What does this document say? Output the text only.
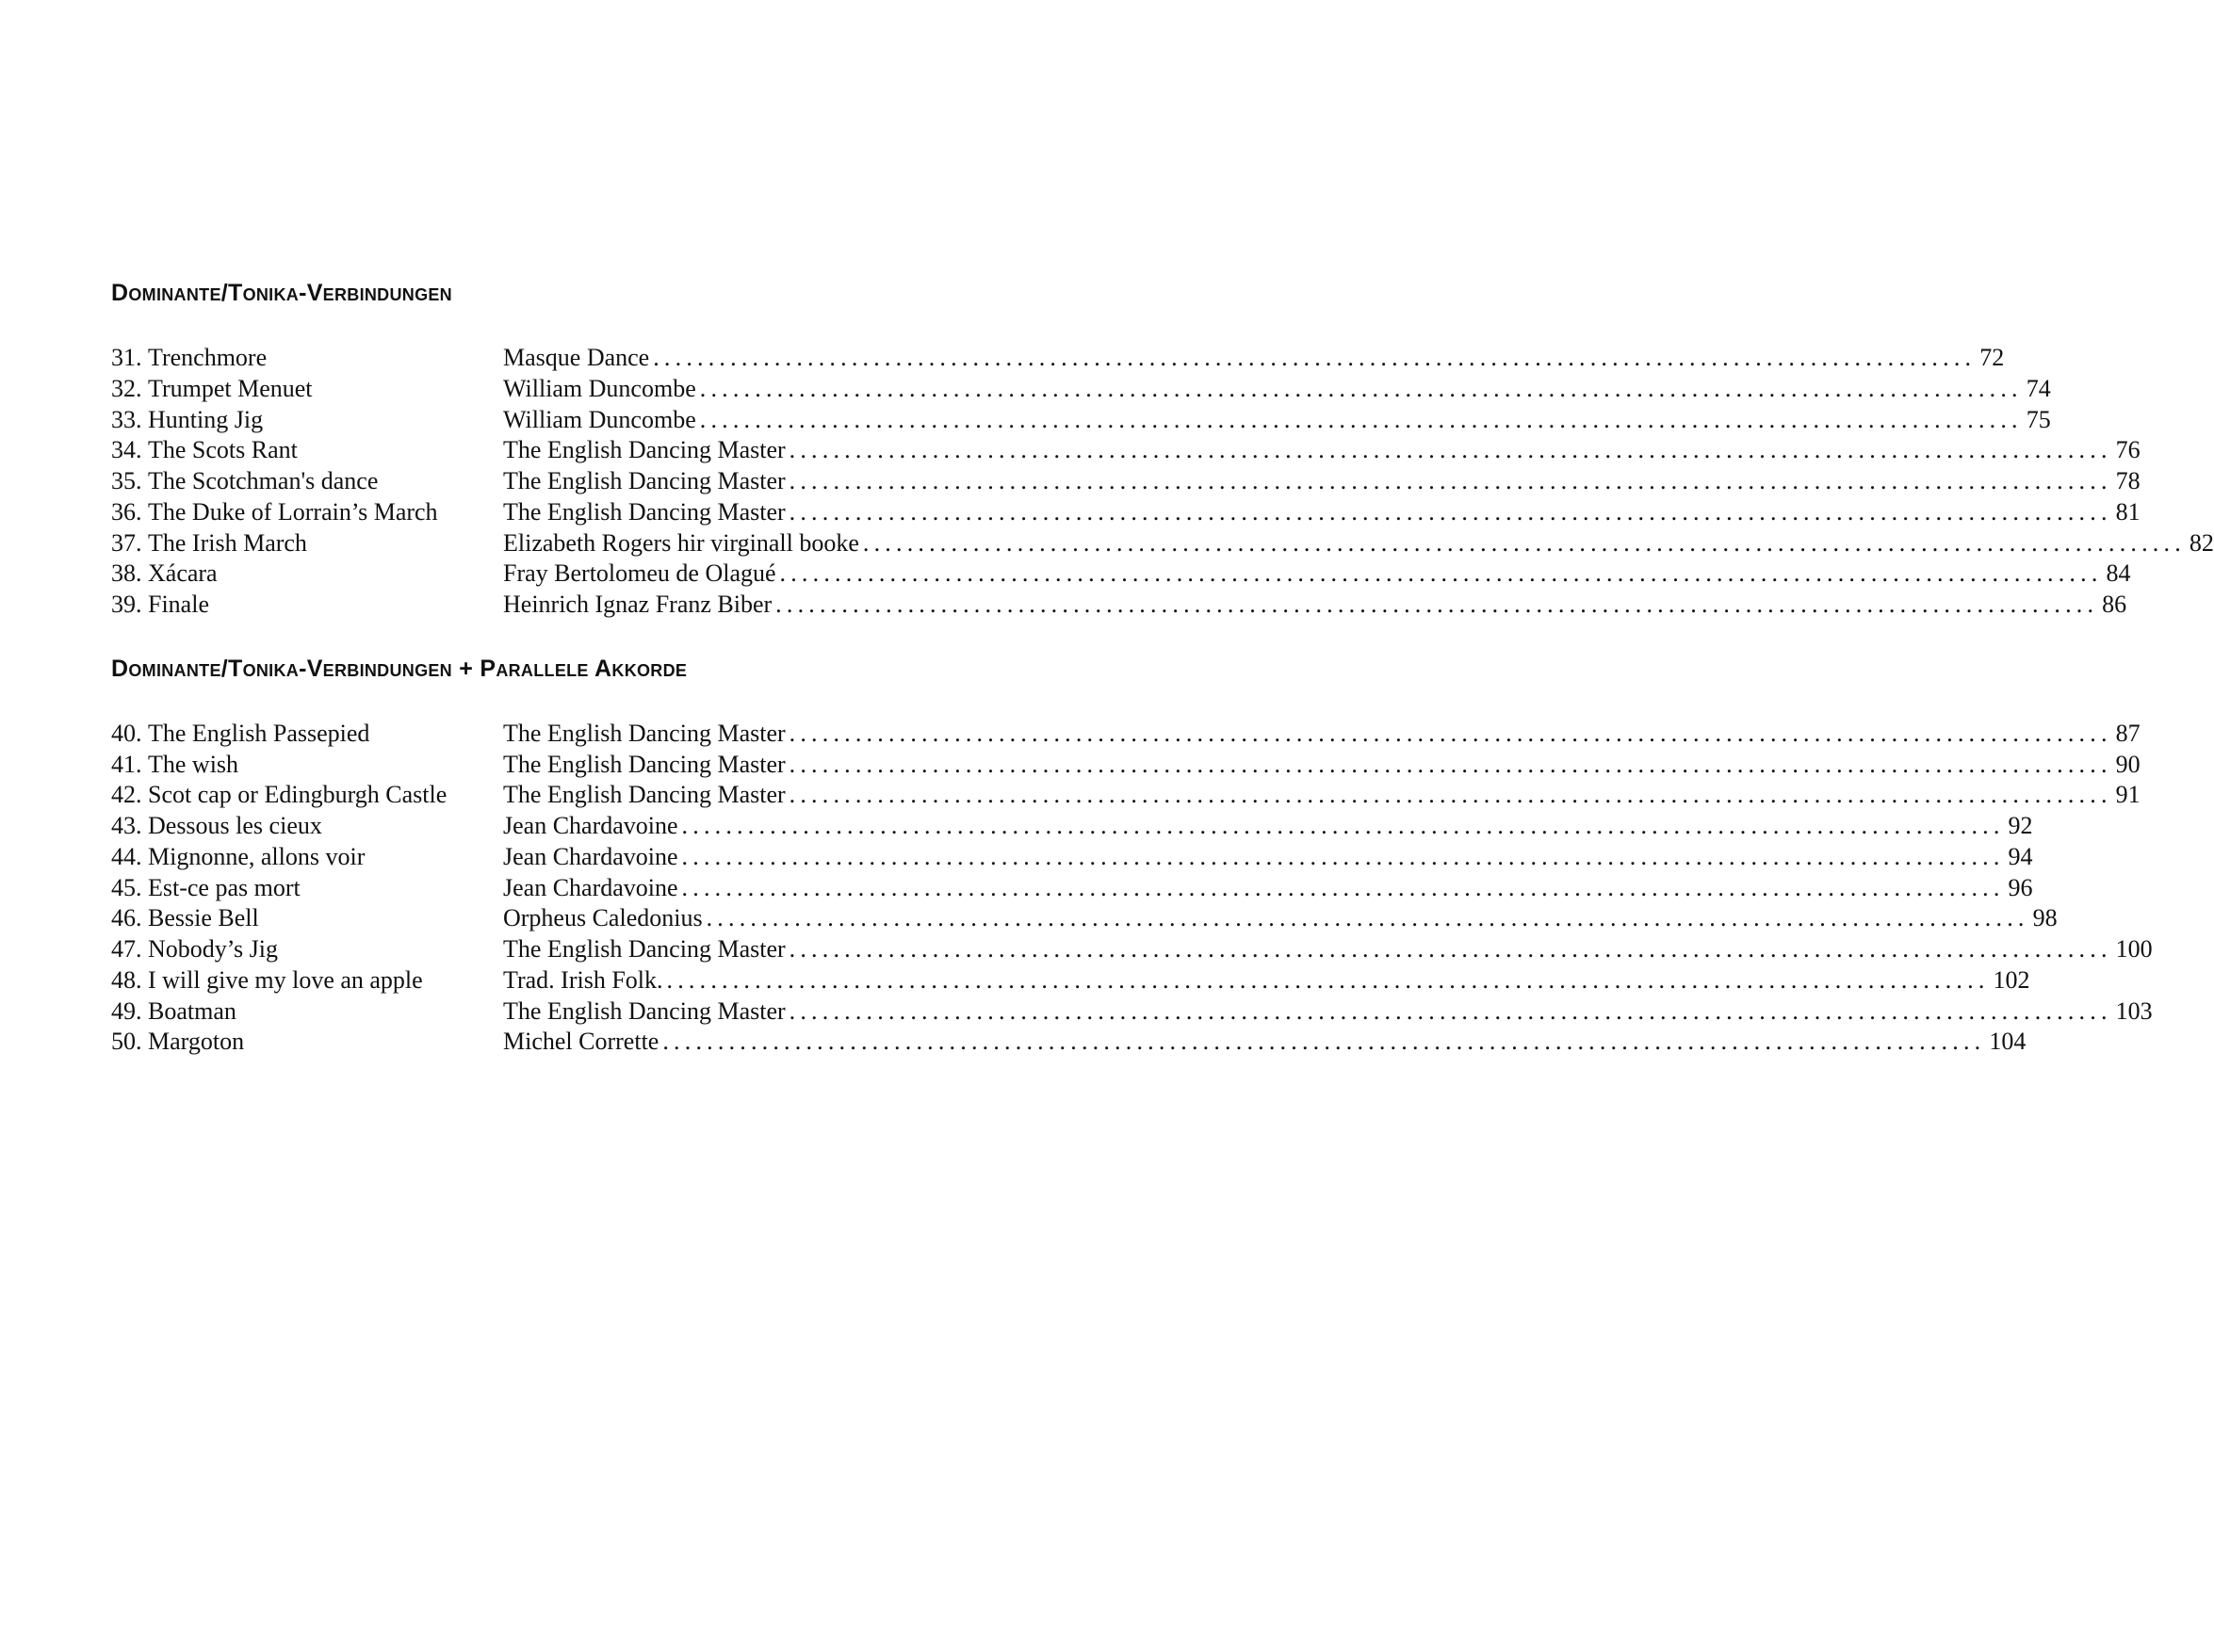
Dominante/Tonika-Verbindungen
31. Trenchmore	Masque Dance ........................................................................................................................ 72
32. Trumpet Menuet	William Duncombe ........................................................................................................................ 74
33. Hunting Jig	William Duncombe ........................................................................................................................ 75
34. The Scots Rant	The English Dancing Master ........................................................................................................................ 76
35. The Scotchman's dance	The English Dancing Master ........................................................................................................................ 78
36. The Duke of Lorrain’s March	The English Dancing Master ........................................................................................................................ 81
37. The Irish March	Elizabeth Rogers hir virginall booke ........................................................................................................................ 82
38. Xácara	Fray Bertolomeu de Olagué ........................................................................................................................ 84
39. Finale	Heinrich Ignaz Franz Biber ........................................................................................................................ 86
Dominante/Tonika-Verbindungen + Parallele Akkorde
40. The English Passepied	The English Dancing Master ........................................................................................................................ 87
41. The wish	The English Dancing Master ........................................................................................................................ 90
42. Scot cap or Edingburgh Castle	The English Dancing Master ........................................................................................................................ 91
43. Dessous les cieux	Jean Chardavoine ........................................................................................................................ 92
44. Mignonne, allons voir	Jean Chardavoine ........................................................................................................................ 94
45. Est-ce pas mort	Jean Chardavoine ........................................................................................................................ 96
46. Bessie Bell	Orpheus Caledonius ........................................................................................................................ 98
47. Nobody’s Jig	The English Dancing Master ........................................................................................................................ 100
48. I will give my love an apple	Trad. Irish Folk. ........................................................................................................................ 102
49. Boatman	The English Dancing Master ........................................................................................................................ 103
50. Margoton	Michel Corrette ........................................................................................................................ 104
